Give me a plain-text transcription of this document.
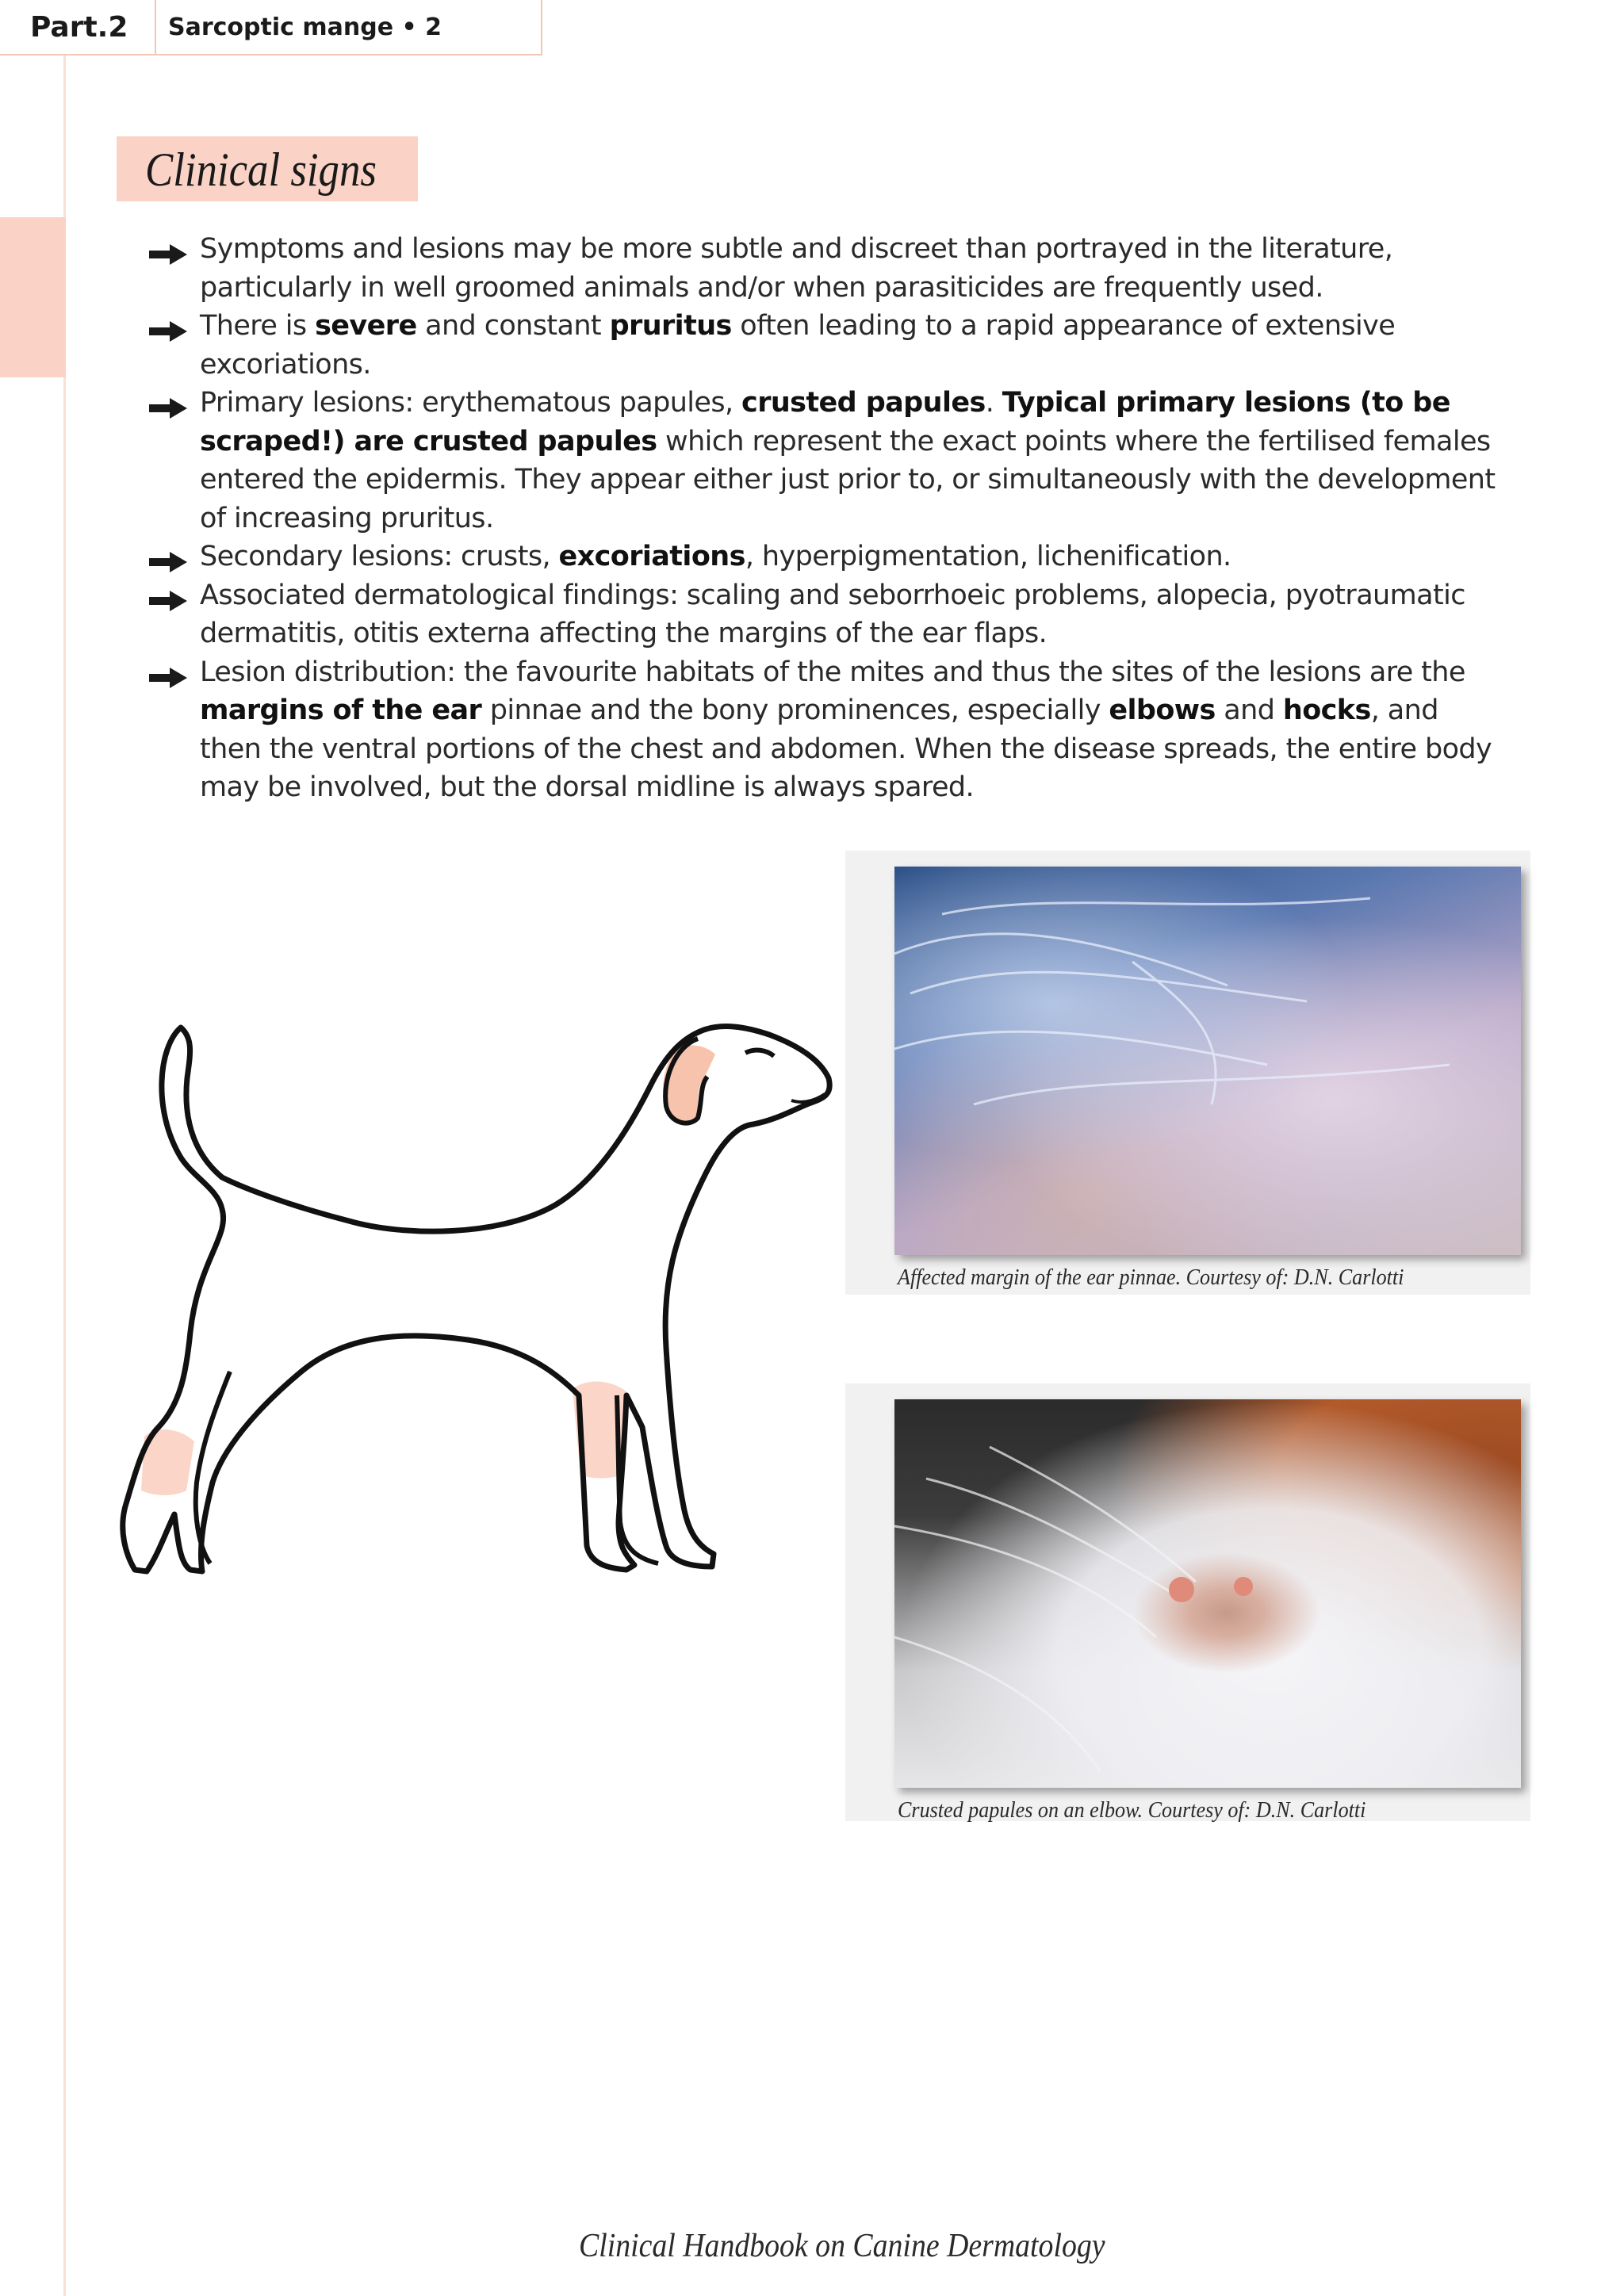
Part.2	Sarcoptic mange • 2
Clinical signs
Symptoms and lesions may be more subtle and discreet than portrayed in the literature, particularly in well groomed animals and/or when parasiticides are frequently used.
There is severe and constant pruritus often leading to a rapid appearance of extensive excoriations.
Primary lesions: erythematous papules, crusted papules. Typical primary lesions (to be scraped!) are crusted papules which represent the exact points where the fertilised females entered the epidermis. They appear either just prior to, or simultaneously with the development of increasing pruritus.
Secondary lesions: crusts, excoriations, hyperpigmentation, lichenification.
Associated dermatological findings: scaling and seborrhoeic problems, alopecia, pyotraumatic dermatitis, otitis externa affecting the margins of the ear flaps.
Lesion distribution: the favourite habitats of the mites and thus the sites of the lesions are the margins of the ear pinnae and the bony prominences, especially elbows and hocks, and then the ventral portions of the chest and abdomen. When the disease spreads, the entire body may be involved, but the dorsal midline is always spared.
Affected margin of the ear pinnae. Courtesy of: D.N. Carlotti
Crusted papules on an elbow. Courtesy of: D.N. Carlotti
Clinical Handbook on Canine Dermatology
